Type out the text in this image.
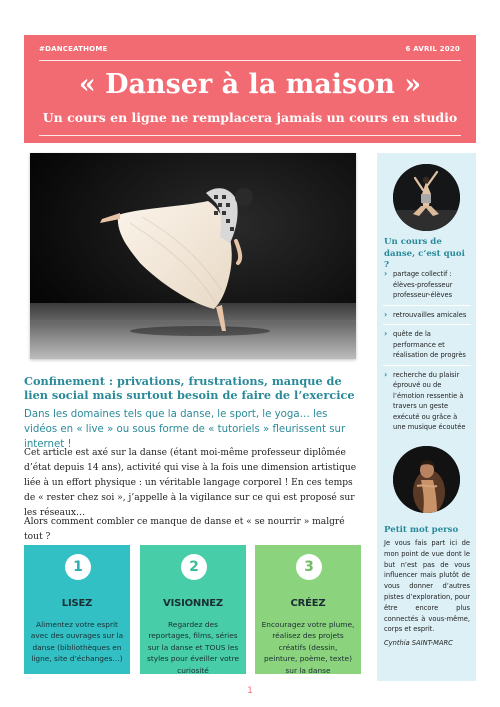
#DANCEATHOME	6 AVRIL 2020
« Danser à la maison »
Un cours en ligne ne remplacera jamais un cours en studio
Confinement : privations, frustrations, manque de lien social mais surtout besoin de faire de l’exercice
Dans les domaines tels que la danse, le sport, le yoga… les vidéos en « live » ou sous forme de « tutoriels » fleurissent sur internet !
Cet article est axé sur la danse (étant moi-même professeur diplômée d’état depuis 14 ans), activité qui vise à la fois une dimension artistique liée à un effort physique : un véritable langage corporel ! En ces temps de « rester chez soi », j’appelle à la vigilance sur ce qui est proposé sur les réseaux…
Alors comment combler ce manque de danse et « se nourrir » malgré tout ?
1
LISEZ
Alimentez votre esprit avec des ouvrages sur la danse (bibliothèques en ligne, site d’échanges…)
2
VISIONNEZ
Regardez des reportages, films, séries sur la danse et TOUS les styles pour éveiller votre curiosité
3
CRÉEZ
Encouragez votre plume, réalisez des projets créatifs (dessin, peinture, poème, texte) sur la danse
Un cours de danse, c’est quoi ?
› partage collectif : élèves-professeur professeur-élèves
› retrouvailles amicales
› quête de la performance et réalisation de progrès
› recherche du plaisir éprouvé ou de l’émotion ressentie à travers un geste exécuté ou grâce à une musique écoutée
Petit mot perso
Je vous fais part ici de mon point de vue dont le but n’est pas de vous influencer mais plutôt de vous donner d’autres pistes d’exploration, pour être encore plus connectés à vous-même, corps et esprit.
Cynthia SAINT-MARC
1
